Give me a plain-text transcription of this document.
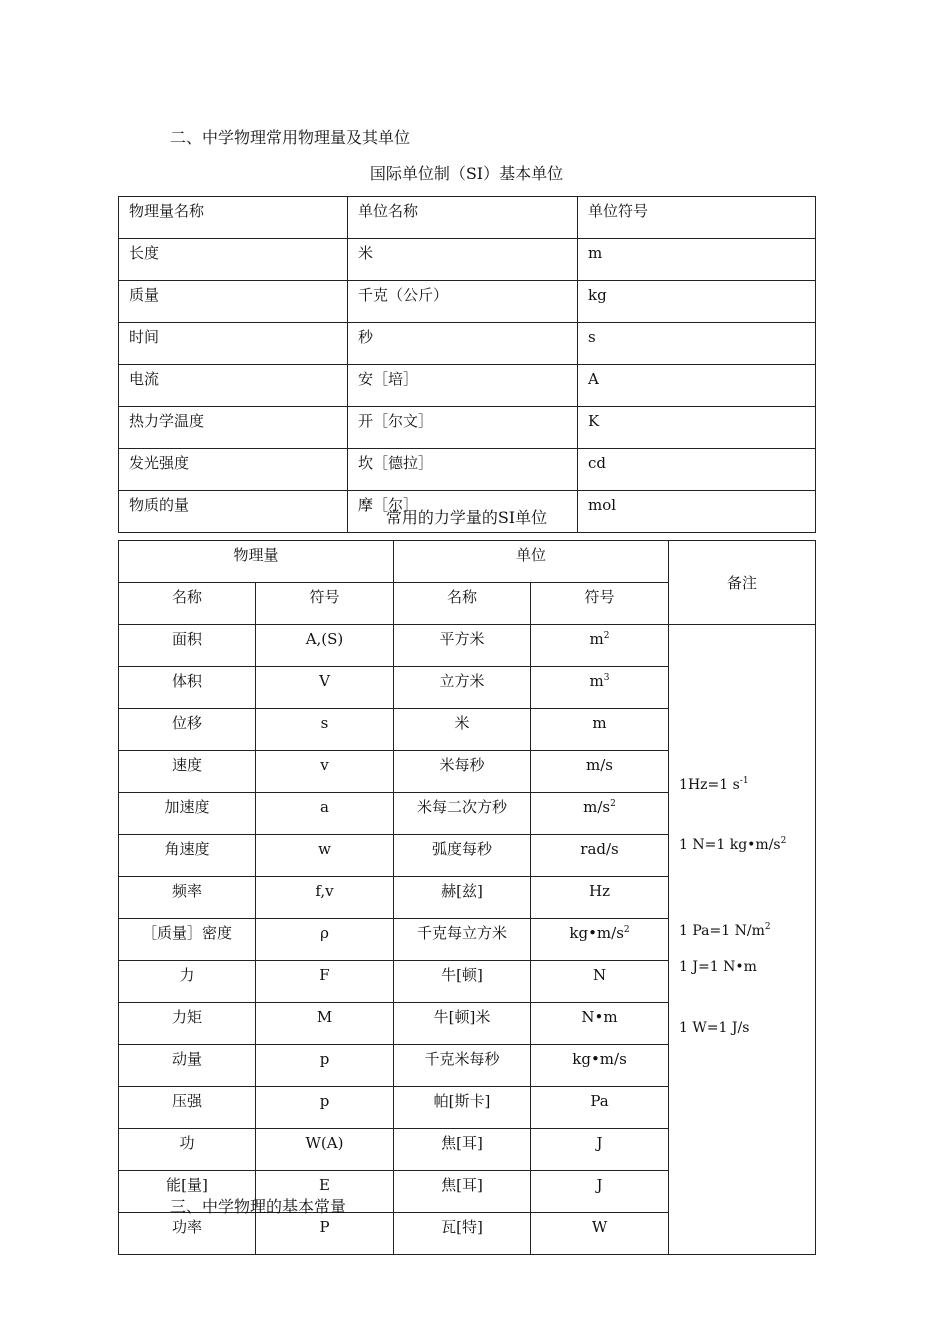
二、中学物理常用物理量及其单位
国际单位制（SI）基本单位
物理量名称	单位名称	单位符号
长度	米	m
质量	千克（公斤）	kg
时间	秒	s
电流	安［培］	A
热力学温度	开［尔文］	K
发光强度	坎［德拉］	cd
物质的量	摩［尔］	mol
常用的力学量的SI单位
物理量		单位		备注
名称	符号	名称	符号	
面积	A,(S)	平方米	$m^2$	1Hz=1 $s^{-1}$
1 N=1 $kg•m/s^2$
1 Pa=1 $N/m^2$
1 J=1 N•m
1 W=1 J/s

体积	V	立方米	$m^3$
位移	s	米	m	
速度	v	米每秒	m/s	
加速度	a	米每二次方秒	$m/s^2$
角速度	w	弧度每秒	rad/s	
频率	f,v	赫[兹]	Hz	
［质量］密度	ρ	千克每立方米	$kg•m/s^2$
力	F	牛[顿]	N	
力矩	M	牛[顿]米	N•m	
动量	p	千克米每秒	kg•m/s	
压强	p	帕[斯卡]	Pa	
功	W(A)	焦[耳]	J	
能[量]	E	焦[耳]	J	
功率	P	瓦[特]	W	
三、中学物理的基本常量
